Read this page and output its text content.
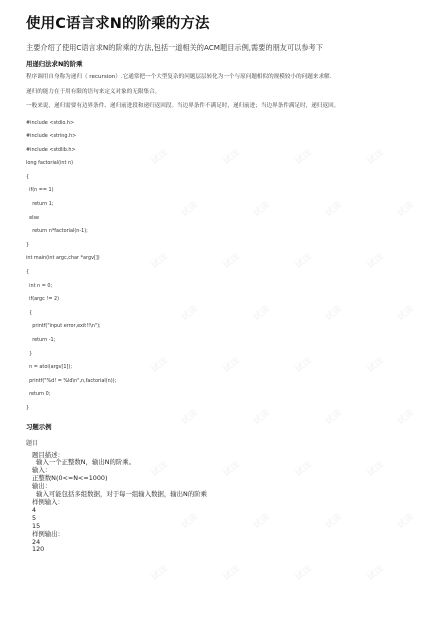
使用C语言求N的阶乘的方法

主要介绍了使用C语言求N的阶乘的方法,包括一道相关的ACM题目示例,需要的朋友可以参考下

用递归法求N的阶乘

程序调用自身称为递归（ recursion）.它通常把一个大型复杂的问题层层转化为一个与原问题相似的规模较小的问题来求解.

递归的能力在于用有限的语句来定义对象的无限集合。

一般来说，递归需要有边界条件、递归前进段和递归返回段。当边界条件不满足时，递归前进；当边界条件满足时，递归返回。

#include <stdio.h>
#include <string.h>
#include <stdlib.h>
long factorial(int n)
{
if(n == 1)
return 1;
else
return n*factorial(n-1);
}
int main(int argc,char *argv[])
{
int n = 0;
if(argc != 2)
{
printf("input error,exit!!\n");
return -1;
}
n = atoi(argv[1]);
printf("%d! = %ld\n",n,factorial(n));
return 0;
}
习题示例

题目

题目描述：
输入一个正整数N，输出N的阶乘。
输入：
正整数N(0<=N<=1000)
输出：
输入可能包括多组数据，对于每一组输入数据，输出N的阶乘
样例输入：
4
5
15
样例输出：
24
120
试读	试读	试读	试读
试读	试读	试读	试读
试读	试读	试读	试读
试读	试读	试读	试读
试读	试读	试读	试读
试读	试读	试读	试读
试读	试读	试读	试读
试读	试读	试读	试读
试读	试读	试读	试读
